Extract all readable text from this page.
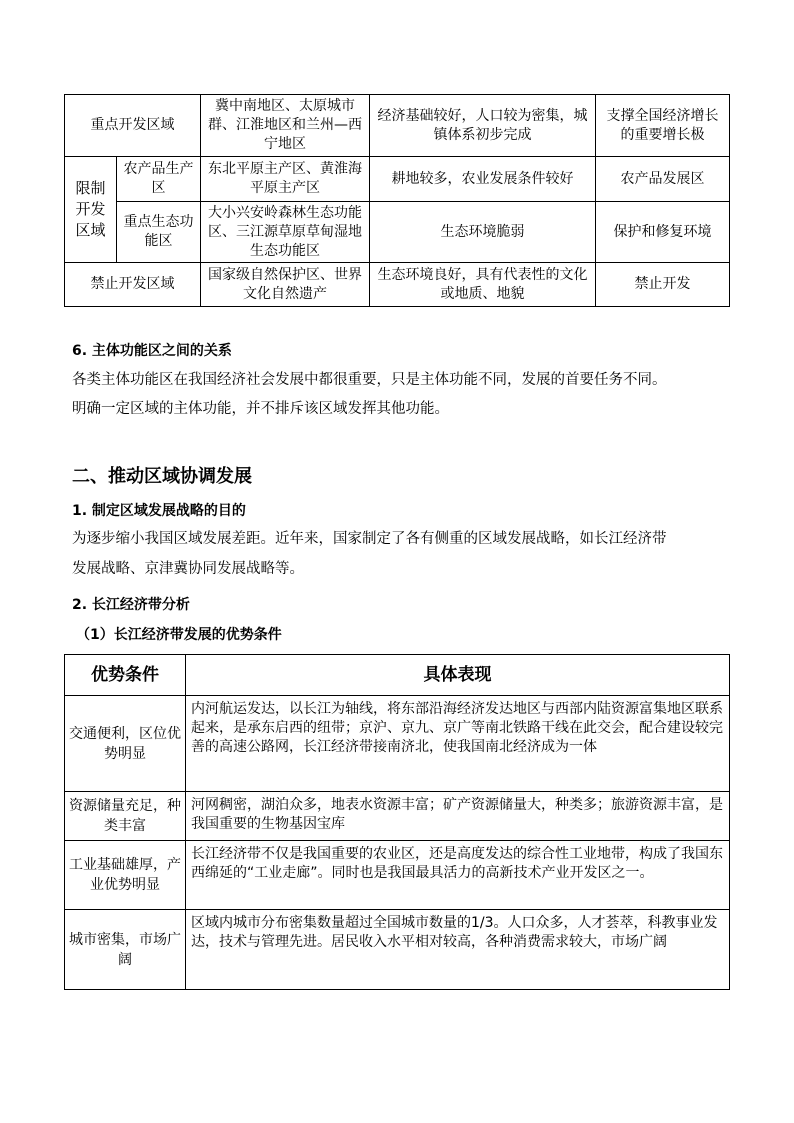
重点开发区域		冀中南地区、太原城市群、江淮地区和兰州—西宁地区	经济基础较好，人口较为密集，城镇体系初步完成	支撑全国经济增长的重要增长极
限制开发区域	农产品生产区	东北平原主产区、黄淮海平原主产区	耕地较多，农业发展条件较好	农产品发展区
	重点生态功能区	大小兴安岭森林生态功能区、三江源草原草甸湿地生态功能区	生态环境脆弱	保护和修复环境
禁止开发区域		国家级自然保护区、世界文化自然遗产	生态环境良好，具有代表性的文化或地质、地貌	禁止开发

6. 主体功能区之间的关系

各类主体功能区在我国经济社会发展中都很重要，只是主体功能不同，发展的首要任务不同。

明确一定区域的主体功能，并不排斥该区域发挥其他功能。

二、推动区域协调发展

1. 制定区域发展战略的目的

为逐步缩小我国区域发展差距。近年来，国家制定了各有侧重的区域发展战略，如长江经济带

发展战略、京津冀协同发展战略等。

2. 长江经济带分析

（1）长江经济带发展的优势条件

优势条件	具体表现
交通便利，区位优势明显	内河航运发达，以长江为轴线，将东部沿海经济发达地区与西部内陆资源富集地区联系起来，是承东启西的纽带；京沪、京九、京广等南北铁路干线在此交会，配合建设较完善的高速公路网，长江经济带接南济北，使我国南北经济成为一体
资源储量充足，种类丰富	河网稠密，湖泊众多，地表水资源丰富；矿产资源储量大，种类多；旅游资源丰富，是我国重要的生物基因宝库
工业基础雄厚，产业优势明显	长江经济带不仅是我国重要的农业区，还是高度发达的综合性工业地带，构成了我国东西绵延的“工业走廊”。同时也是我国最具活力的高新技术产业开发区之一。
城市密集，市场广阔	区域内城市分布密集数量超过全国城市数量的1/3。人口众多，人才荟萃，科教事业发达，技术与管理先进。居民收入水平相对较高，各种消费需求较大，市场广阔
